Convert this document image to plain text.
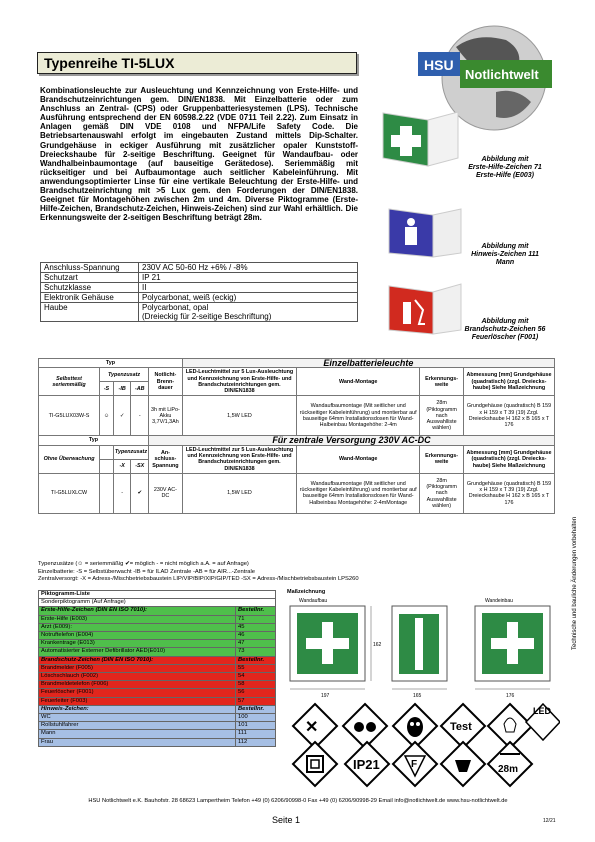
Typenreihe TI-5LUX	HSU
Notlichtwelt
Kombinationsleuchte zur Ausleuchtung und Kennzeichnung von Erste-Hilfe- und Brandschutzeinrichtungen gem. DIN/EN1838. Mit Einzelbatterie oder zum Anschluss an Zentral- (CPS) oder Gruppenbatteriesystemen (LPS). Technische Ausführung entsprechend der EN 60598.2.22 (VDE 0711 Teil 2.22). Zum Einsatz in Anlagen gemäß DIN VDE 0108 und NFPA/Life Safety Code. Die Betriebsartenauswahl erfolgt im eingebauten Zustand mittels Dip-Schalter. Grundgehäuse in eckiger Ausführung mit zusätzlicher opaler Kunststoff-Dreieckshaube für 2-seitige Beschriftung. Geeignet für Wandaufbau- oder Wandhalbeinbaumontage (auf bauseitige Gerätedose). Seriemmäßig mit rückseitiger und bei Aufbaumontage auch seitlicher Kabeleinführung. Mit anwendungsoptimierter Linse für eine vertikale Beleuchtung der Erste-Hilfe- und Brandschutzeinrichtung mit >5 Lux gem. den Forderungen der DIN/EN1838. Geeignet für Montagehöhen zwischen 2m und 4m. Diverse Piktogramme (Erste-Hilfe-Zeichen, Brandschutz-Zeichen, Hinweis-Zeichen) sind zur Wahl erhältlich. Die Erkennungsweite der 2-seitigen Beschriftung beträgt 28m.
Abbildung mit
Erste-Hilfe-Zeichen 71
Erste-Hilfe (E003)
Abbildung mit
Hinweis-Zeichen 111
Mann
Abbildung mit
Brandschutz-Zeichen 56
Feuerlöscher (F001)
Anschluss-Spannung	230V AC 50-60 Hz +6% / -8%
Schutzart	IP 21
Schutzklasse	II
Elektronik Gehäuse	Polycarbonat, weiß (eckig)
Haube	Polycarbonat, opal
(Dreieckig für 2-seitige Beschriftung)
Typ					Einzelbatterieleuchte			
Selbsttest seriemmäßig	Typenzusatz			Notlicht-Brenn-dauer	LED-Leuchtmittel zur 5 Lux-Ausleuchtung und Kennzeichnung von Erste-Hilfe- und Brandschutzeinrichtungen gem. DIN/EN1838	Wand-Montage	Erkennungs-weite	Abmessung [mm] Grundgehäuse (quadratisch) (zzgl. Dreiecks-haube) Siehe Maßzeichnung
	-S	-IB	-AB					
TI-G5LUX03W-S	☺	✓	-	3h mit LiPo-Akku 3,7V/1,3Ah	1,5W LED	Wandaufbaumontage (Mit seitlicher und rückseitiger Kabeleinführung) und montierbar auf bauseitige 64mm Installationsdosen für Wand-Halbeinbau Montagehöhe: 2-4m	28m (Piktogramm nach Auswahlliste wählen)	Grundgehäuse (quadratisch) B 159 x H 159 x T 39 (19) Zzgl. Dreieckshaube H 162 x B 165 x T 176
Typ				Für zentrale Versorgung 230V AC-DC				
Ohne Überwachung		Typenzusatz		An-schluss-Spannung	LED-Leuchtmittel zur 5 Lux-Ausleuchtung und Kennzeichnung von Erste-Hilfe- und Brandschutzeinrichtungen gem. DIN/EN1838	Wand-Montage	Erkennungs-weite	Abmessung [mm] Grundgehäuse (quadratisch) (zzgl. Dreiecks-haube) Siehe Maßzeichnung
		-X	-SX					
TI-G5LUXLCW		-	✔	230V AC-DC	1,5W LED	Wandaufbaumontage (Mit seitlicher und rückseitiger Kabeleinführung) und montierbar auf bauseitige 64mm Installationsdosen für Wand-Halbeinbau Montagehöhe: 2-4mMontage	28m (Piktogramm nach Auswahlliste wählen)	Grundgehäuse (quadratisch) B 159 x H 159 x T 39 (19) Zzgl. Dreieckshaube H 162 x B 165 x T 176
Typenzusätze (☺ = seriemmäßig ✔= möglich - = nicht möglich a.A. = auf Anfrage)
Einzelbatterie: -S = Selbstüberwacht -IB = für ILAD Zentrale -AB = für AIR...-Zentrale
Zentralversorgt: -X = Adress-/Mischbetriebsbaustein LIP/VIP/BIP/XIP/GIP/TED -SX = Adress-/Mischbetriebsbaustein LPS260
Piktogramm-Liste	
Sonderpiktogramm (Auf Anfrage)	
Erste-Hilfe-Zeichen (DIN EN ISO 7010):	Bestellnr.
Erste-Hilfe (E003)	71
Arzt (E009):	45
Notruftelefon (E004)	46
Krankentrage (E013)	47
Automatisierter Externer Defibrillator AED(E010)	73
Brandschutz-Zeichen (DIN EN ISO 7010):	Bestellnr.
Brandmelder (F005)	55
Löschschlauch (F002)	54
Brandmeldetelefon (F006)	58
Feuerlöscher (F001)	56
Feuerleiter (F003)	57
Hinweis-Zeichen:	Bestellnr.
WC	100
Rollstuhlfahrer	101
Mann	111
Frau	112
Maßzeichnung
197	165	176
162
Wandaufbau	Wandeinbau
✕	Test
LED
IP21	F	28m
HSU Notlichtwelt e.K. Bauhofstr. 28 68623 Lampertheim Telefon +49 (0) 6206/90998-0 Fax +49 (0) 6206/90998-29 Email info@notlichtwelt.de www.hsu-notlichtwelt.de
Seite 1	12/21
Technische und bauliche Änderungen vorbehalten
